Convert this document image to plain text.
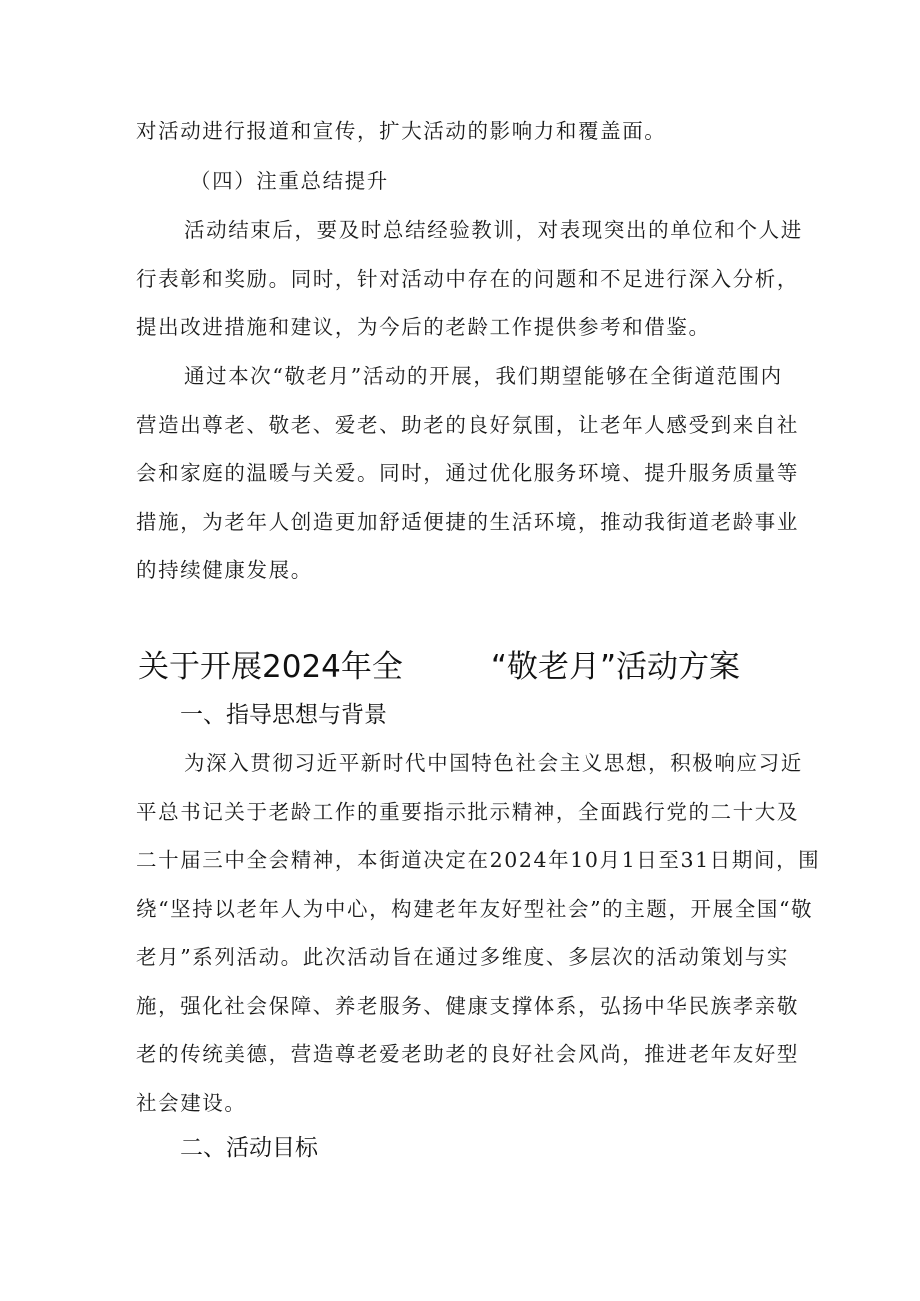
对活动进行报道和宣传，扩大活动的影响力和覆盖面。
（四）注重总结提升
活动结束后，要及时总结经验教训，对表现突出的单位和个人进
行表彰和奖励。同时，针对活动中存在的问题和不足进行深入分析，
提出改进措施和建议，为今后的老龄工作提供参考和借鉴。
通过本次“敬老月”活动的开展，我们期望能够在全街道范围内
营造出尊老、敬老、爱老、助老的良好氛围，让老年人感受到来自社
会和家庭的温暖与关爱。同时，通过优化服务环境、提升服务质量等
措施，为老年人创造更加舒适便捷的生活环境，推动我街道老龄事业
的持续健康发展。
关于开展2024年全	“敬老月”活动方案
一、指导思想与背景
为深入贯彻习近平新时代中国特色社会主义思想，积极响应习近
平总书记关于老龄工作的重要指示批示精神，全面践行党的二十大及
二十届三中全会精神，本街道决定在2024年10月1日至31日期间，围
绕“坚持以老年人为中心，构建老年友好型社会”的主题，开展全国“敬
老月”系列活动。此次活动旨在通过多维度、多层次的活动策划与实
施，强化社会保障、养老服务、健康支撑体系，弘扬中华民族孝亲敬
老的传统美德，营造尊老爱老助老的良好社会风尚，推进老年友好型
社会建设。
二、活动目标
